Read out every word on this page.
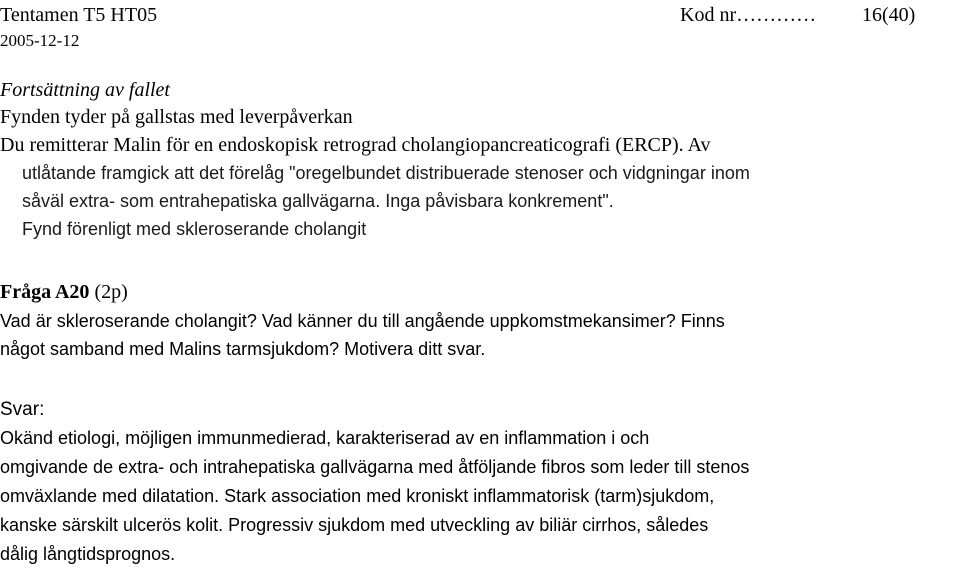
Tentamen T5 HT05	Kod nr………… 16(40)
2005-12-12
Fortsättning av fallet
Fynden tyder på gallstas med leverpåverkan
Du remitterar Malin för en endoskopisk retrograd cholangiopancreaticografi (ERCP). Av
utlåtande framgick att det förelåg "oregelbundet distribuerade stenoser och vidgningar inom
såväl extra- som entrahepatiska gallvägarna. Inga påvisbara konkrement".
Fynd förenligt med skleroserande cholangit
Fråga A20 (2p)
Vad är skleroserande cholangit? Vad känner du till angående uppkomstmekansimer? Finns
något samband med Malins tarmsjukdom? Motivera ditt svar.
Svar:
Okänd etiologi, möjligen immunmedierad, karakteriserad av en inflammation i och
omgivande de extra- och intrahepatiska gallvägarna med åtföljande fibros som leder till stenos
omväxlande med dilatation. Stark association med kroniskt inflammatorisk (tarm)sjukdom,
kanske särskilt ulcerös kolit. Progressiv sjukdom med utveckling av biliär cirrhos, således
dålig långtidsprognos.
